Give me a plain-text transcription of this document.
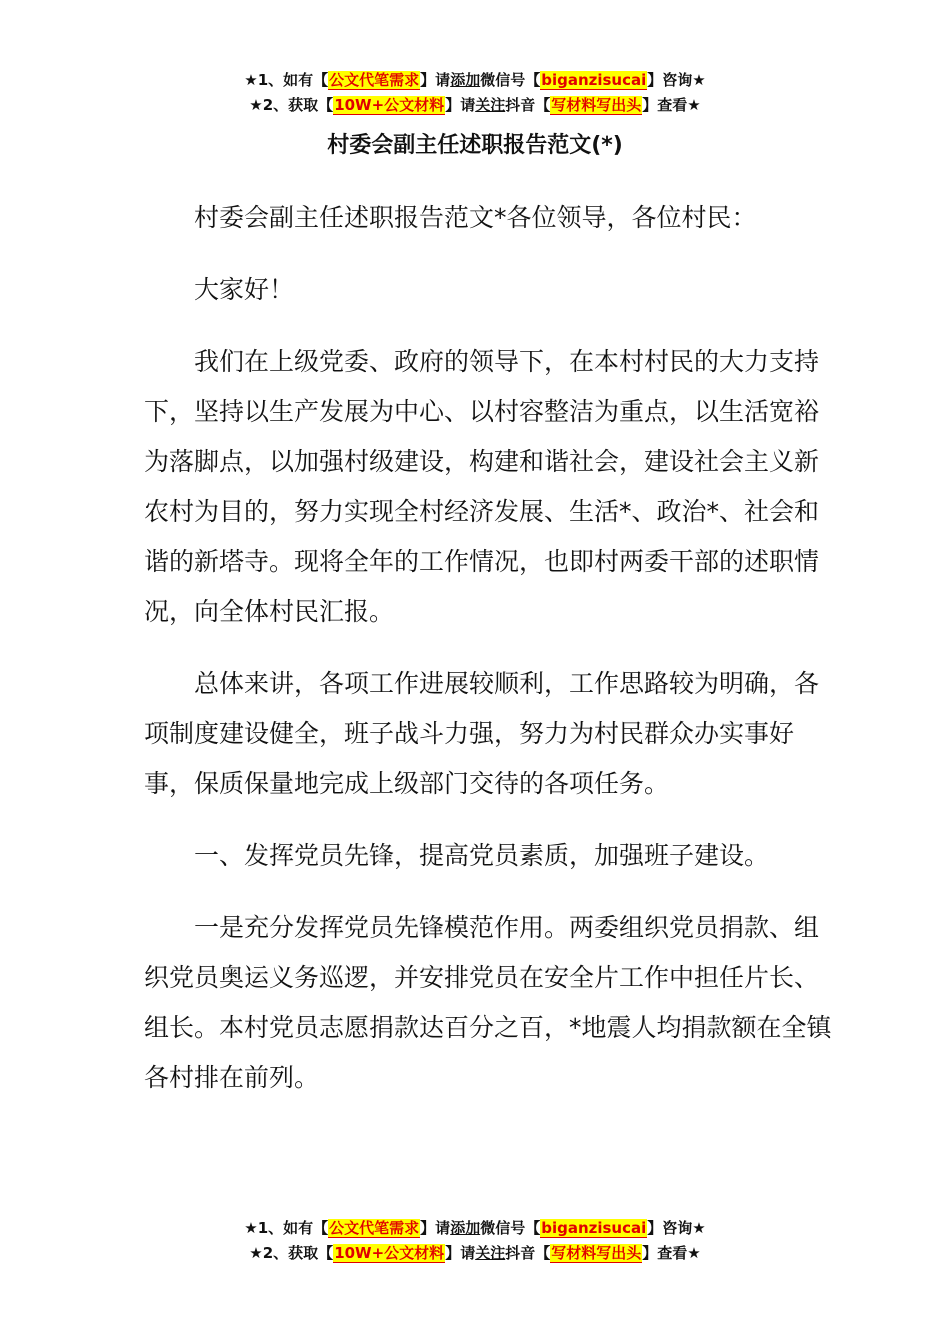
★1、如有【公文代笔需求】请添加微信号【biganzisucai】咨询★
★2、获取【10W+公文材料】请关注抖音【写材料写出头】查看★
村委会副主任述职报告范文(*)

村委会副主任述职报告范文*各位领导，各位村民：

大家好！

我们在上级党委、政府的领导下，在本村村民的大力支持下，坚持以生产发展为中心、以村容整洁为重点，以生活宽裕为落脚点，以加强村级建设，构建和谐社会，建设社会主义新农村为目的，努力实现全村经济发展、生活*、政治*、社会和谐的新塔寺。现将全年的工作情况，也即村两委干部的述职情况，向全体村民汇报。

总体来讲，各项工作进展较顺利，工作思路较为明确，各项制度建设健全，班子战斗力强，努力为村民群众办实事好事，保质保量地完成上级部门交待的各项任务。

一、发挥党员先锋，提高党员素质，加强班子建设。

一是充分发挥党员先锋模范作用。两委组织党员捐款、组织党员奥运义务巡逻，并安排党员在安全片工作中担任片长、组长。本村党员志愿捐款达百分之百，*地震人均捐款额在全镇各村排在前列。

★1、如有【公文代笔需求】请添加微信号【biganzisucai】咨询★
★2、获取【10W+公文材料】请关注抖音【写材料写出头】查看★
